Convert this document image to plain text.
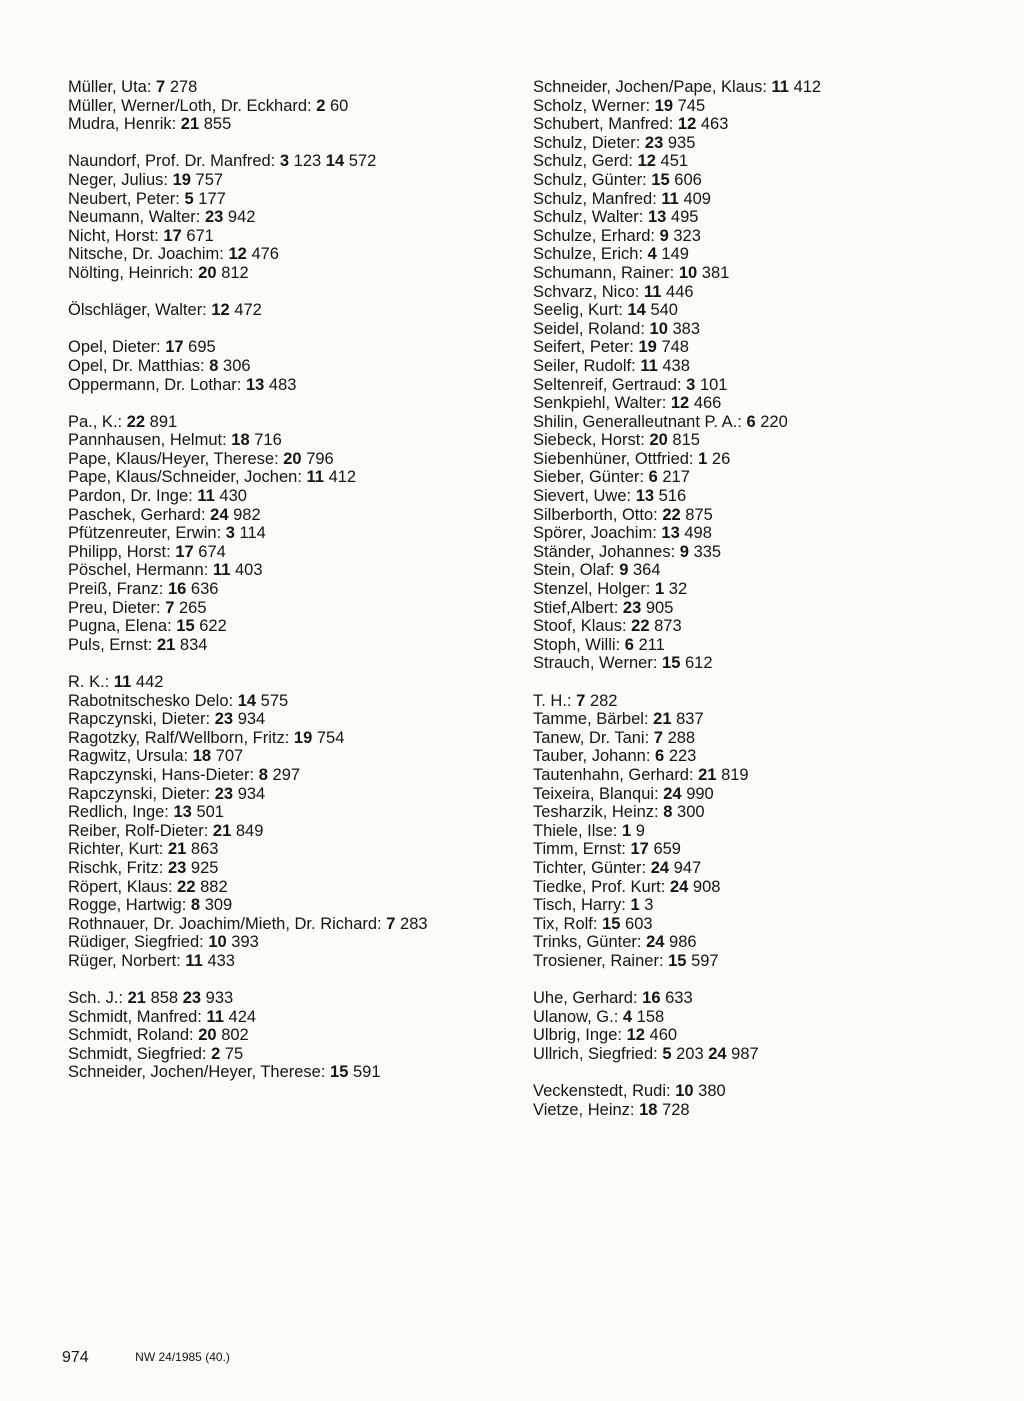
Müller, Uta: 7 278
Müller, Werner/Loth, Dr. Eckhard: 2 60
Mudra, Henrik: 21 855
Naundorf, Prof. Dr. Manfred: 3 123 14 572
Neger, Julius: 19 757
Neubert, Peter: 5 177
Neumann, Walter: 23 942
Nicht, Horst: 17 671
Nitsche, Dr. Joachim: 12 476
Nölting, Heinrich: 20 812
Ölschläger, Walter: 12 472
Opel, Dieter: 17 695
Opel, Dr. Matthias: 8 306
Oppermann, Dr. Lothar: 13 483
Pa., K.: 22 891
Pannhausen, Helmut: 18 716
Pape, Klaus/Heyer, Therese: 20 796
Pape, Klaus/Schneider, Jochen: 11 412
Pardon, Dr. Inge: 11 430
Paschek, Gerhard: 24 982
Pfützenreuter, Erwin: 3 114
Philipp, Horst: 17 674
Pöschel, Hermann: 11 403
Preiß, Franz: 16 636
Preu, Dieter: 7 265
Pugna, Elena: 15 622
Puls, Ernst: 21 834
R. K.: 11 442
Rabotnitschesko Delo: 14 575
Rapczynski, Dieter: 23 934
Ragotzky, Ralf/Wellborn, Fritz: 19 754
Ragwitz, Ursula: 18 707
Rapczynski, Hans-Dieter: 8 297
Rapczynski, Dieter: 23 934
Redlich, Inge: 13 501
Reiber, Rolf-Dieter: 21 849
Richter, Kurt: 21 863
Rischk, Fritz: 23 925
Röpert, Klaus: 22 882
Rogge, Hartwig: 8 309
Rothnauer, Dr. Joachim/Mieth, Dr. Richard: 7 283
Rüdiger, Siegfried: 10 393
Rüger, Norbert: 11 433
Sch. J.: 21 858 23 933
Schmidt, Manfred: 11 424
Schmidt, Roland: 20 802
Schmidt, Siegfried: 2 75
Schneider, Jochen/Heyer, Therese: 15 591
Schneider, Jochen/Pape, Klaus: 11 412
Scholz, Werner: 19 745
Schubert, Manfred: 12 463
Schulz, Dieter: 23 935
Schulz, Gerd: 12 451
Schulz, Günter: 15 606
Schulz, Manfred: 11 409
Schulz, Walter: 13 495
Schulze, Erhard: 9 323
Schulze, Erich: 4 149
Schumann, Rainer: 10 381
Schvarz, Nico: 11 446
Seelig, Kurt: 14 540
Seidel, Roland: 10 383
Seifert, Peter: 19 748
Seiler, Rudolf: 11 438
Seltenreif, Gertraud: 3 101
Senkpiehl, Walter: 12 466
Shilin, Generalleutnant P. A.: 6 220
Siebeck, Horst: 20 815
Siebenhüner, Ottfried: 1 26
Sieber, Günter: 6 217
Sievert, Uwe: 13 516
Silberborth, Otto: 22 875
Spörer, Joachim: 13 498
Ständer, Johannes: 9 335
Stein, Olaf: 9 364
Stenzel, Holger: 1 32
Stief,Albert: 23 905
Stoof, Klaus: 22 873
Stoph, Willi: 6 211
Strauch, Werner: 15 612
T. H.: 7 282
Tamme, Bärbel: 21 837
Tanew, Dr. Tani: 7 288
Tauber, Johann: 6 223
Tautenhahn, Gerhard: 21 819
Teixeira, Blanqui: 24 990
Tesharzik, Heinz: 8 300
Thiele, Ilse: 1 9
Timm, Ernst: 17 659
Tichter, Günter: 24 947
Tiedke, Prof. Kurt: 24 908
Tisch, Harry: 1 3
Tix, Rolf: 15 603
Trinks, Günter: 24 986
Trosiener, Rainer: 15 597
Uhe, Gerhard: 16 633
Ulanow, G.: 4 158
Ulbrig, Inge: 12 460
Ullrich, Siegfried: 5 203 24 987
Veckenstedt, Rudi: 10 380
Vietze, Heinz: 18 728
974	NW 24/1985 (40.)
